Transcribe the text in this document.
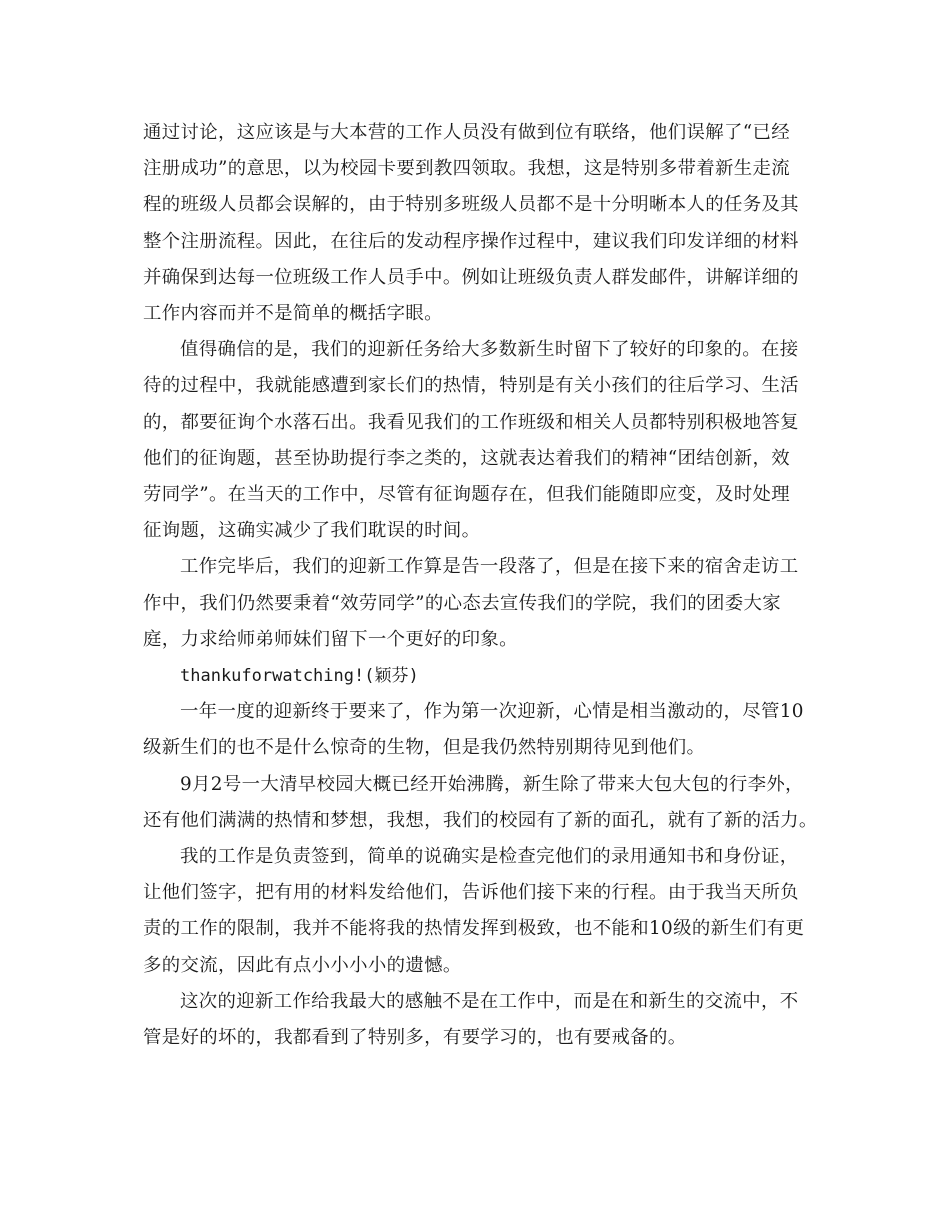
通过讨论，这应该是与大本营的工作人员没有做到位有联络，他们误解了“已经
注册成功”的意思，以为校园卡要到教四领取。我想，这是特别多带着新生走流
程的班级人员都会误解的，由于特别多班级人员都不是十分明晰本人的任务及其
整个注册流程。因此，在往后的发动程序操作过程中，建议我们印发详细的材料
并确保到达每一位班级工作人员手中。例如让班级负责人群发邮件，讲解详细的
工作内容而并不是简单的概括字眼。

值得确信的是，我们的迎新任务给大多数新生时留下了较好的印象的。在接
待的过程中，我就能感遭到家长们的热情，特别是有关小孩们的往后学习、生活
的，都要征询个水落石出。我看见我们的工作班级和相关人员都特别积极地答复
他们的征询题，甚至协助提行李之类的，这就表达着我们的精神“团结创新，效
劳同学”。在当天的工作中，尽管有征询题存在，但我们能随即应变，及时处理
征询题，这确实减少了我们耽误的时间。

工作完毕后，我们的迎新工作算是告一段落了，但是在接下来的宿舍走访工
作中，我们仍然要秉着“效劳同学”的心态去宣传我们的学院，我们的团委大家
庭，力求给师弟师妹们留下一个更好的印象。

thankuforwatching!(颖芬)

一年一度的迎新终于要来了，作为第一次迎新，心情是相当激动的，尽管10
级新生们的也不是什么惊奇的生物，但是我仍然特别期待见到他们。

9月2号一大清早校园大概已经开始沸腾，新生除了带来大包大包的行李外，
还有他们满满的热情和梦想，我想，我们的校园有了新的面孔，就有了新的活力。

我的工作是负责签到，简单的说确实是检查完他们的录用通知书和身份证，
让他们签字，把有用的材料发给他们，告诉他们接下来的行程。由于我当天所负
责的工作的限制，我并不能将我的热情发挥到极致，也不能和10级的新生们有更
多的交流，因此有点小小小小的遗憾。

这次的迎新工作给我最大的感触不是在工作中，而是在和新生的交流中，不
管是好的坏的，我都看到了特别多，有要学习的，也有要戒备的。
